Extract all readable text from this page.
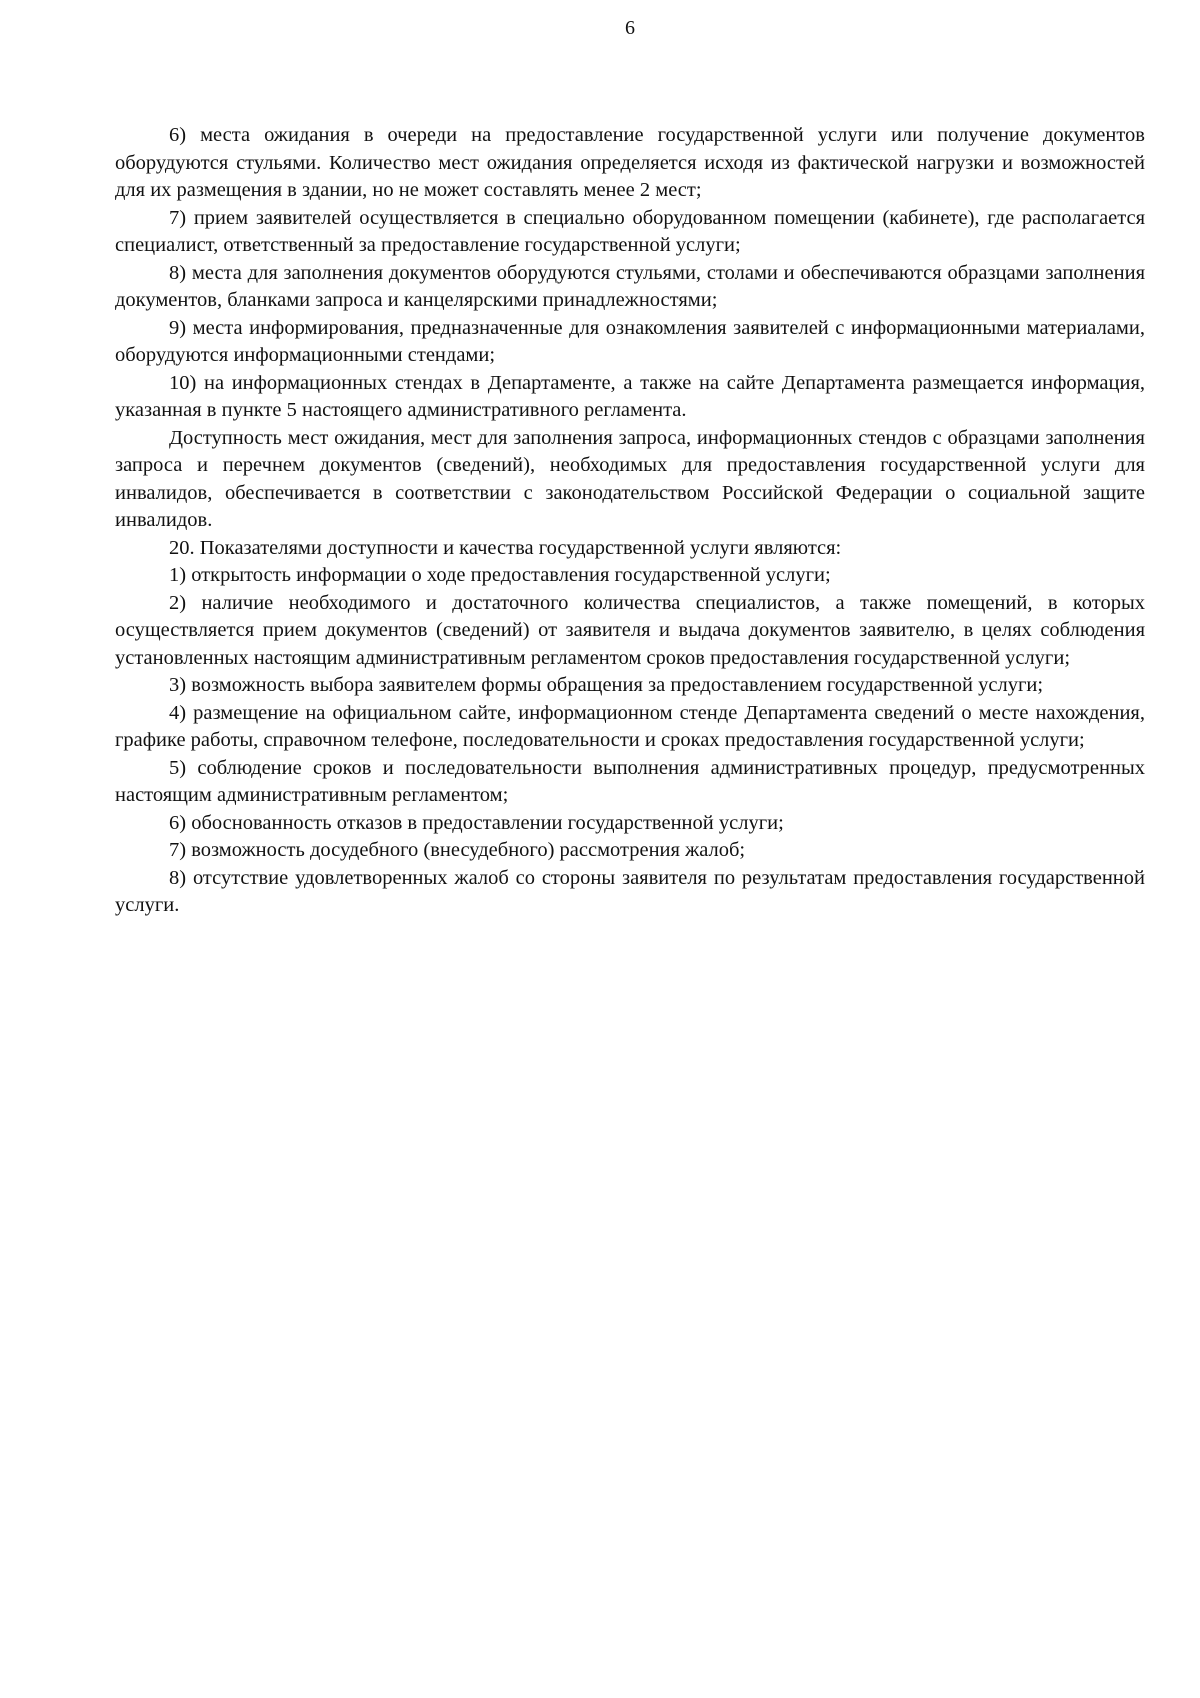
6

6) места ожидания в очереди на предоставление государственной услуги или получение документов оборудуются стульями. Количество мест ожидания определяется исходя из фактической нагрузки и возможностей для их размещения в здании, но не может составлять менее 2 мест;

7) прием заявителей осуществляется в специально оборудованном помещении (кабинете), где располагается специалист, ответственный за предоставление государственной услуги;

8) места для заполнения документов оборудуются стульями, столами и обеспечиваются образцами заполнения документов, бланками запроса и канцелярскими принадлежностями;

9) места информирования, предназначенные для ознакомления заявителей с информационными материалами, оборудуются информационными стендами;

10) на информационных стендах в Департаменте, а также на сайте Департамента размещается информация, указанная в пункте 5 настоящего административного регламента.

Доступность мест ожидания, мест для заполнения запроса, информационных стендов с образцами заполнения запроса и перечнем документов (сведений), необходимых для предоставления государственной услуги для инвалидов, обеспечивается в соответствии с законодательством Российской Федерации о социальной защите инвалидов.

20. Показателями доступности и качества государственной услуги являются:

1) открытость информации о ходе предоставления государственной услуги;

2) наличие необходимого и достаточного количества специалистов, а также помещений, в которых осуществляется прием документов (сведений) от заявителя и выдача документов заявителю, в целях соблюдения установленных настоящим административным регламентом сроков предоставления государственной услуги;

3) возможность выбора заявителем формы обращения за предоставлением государственной услуги;

4) размещение на официальном сайте, информационном стенде Департамента сведений о месте нахождения, графике работы, справочном телефоне, последовательности и сроках предоставления государственной услуги;

5) соблюдение сроков и последовательности выполнения административных процедур, предусмотренных настоящим административным регламентом;

6) обоснованность отказов в предоставлении государственной услуги;

7) возможность досудебного (внесудебного) рассмотрения жалоб;

8) отсутствие удовлетворенных жалоб со стороны заявителя по результатам предоставления государственной услуги.
